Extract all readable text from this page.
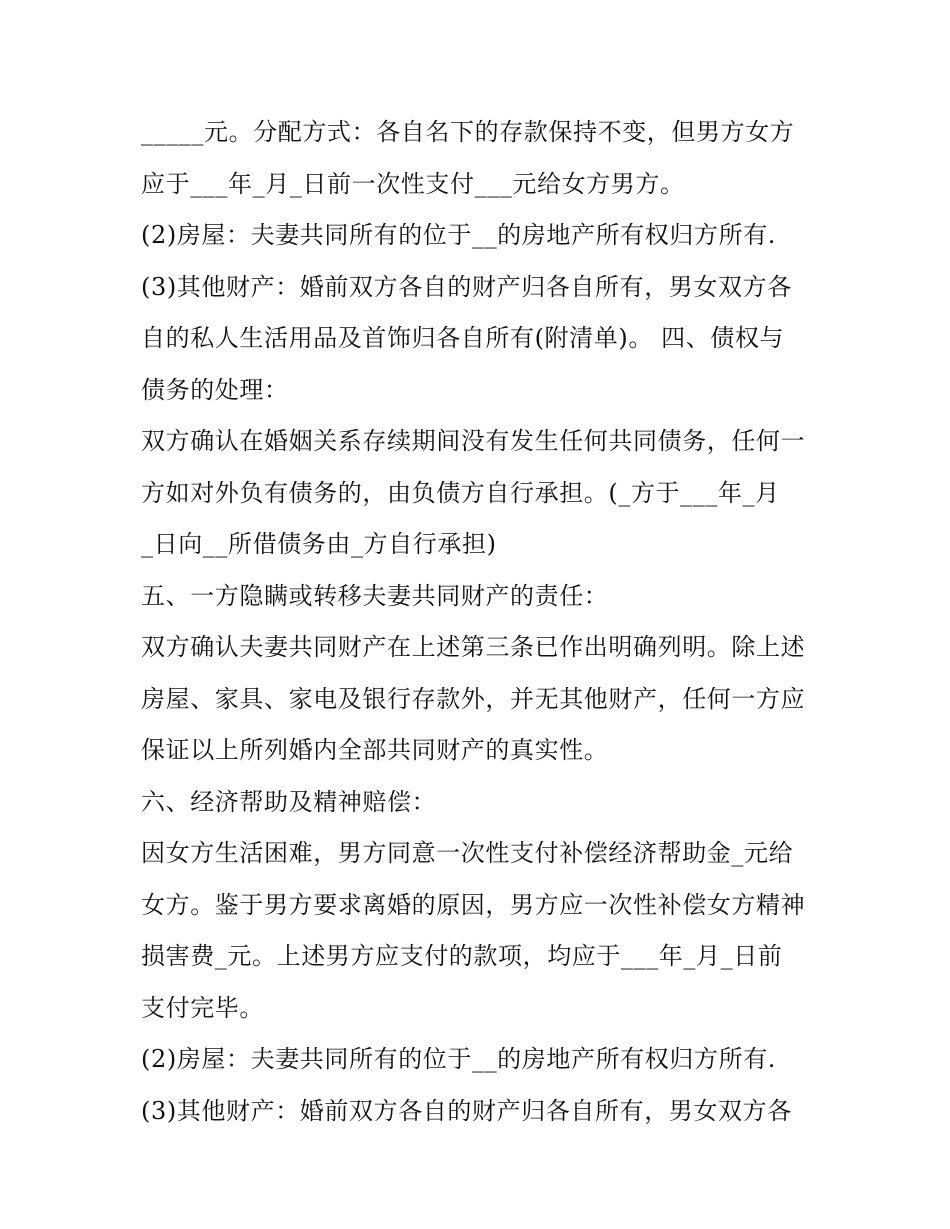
_____元。分配方式：各自名下的存款保持不变，但男方女方
应于___年_月_日前一次性支付___元给女方男方。
(2)房屋：夫妻共同所有的位于__的房地产所有权归方所有.
(3)其他财产：婚前双方各自的财产归各自所有，男女双方各
自的私人生活用品及首饰归各自所有(附清单)。 四、债权与
债务的处理：
双方确认在婚姻关系存续期间没有发生任何共同债务，任何一
方如对外负有债务的，由负债方自行承担。(_方于___年_月
_日向__所借债务由_方自行承担)
五、一方隐瞒或转移夫妻共同财产的责任：
双方确认夫妻共同财产在上述第三条已作出明确列明。除上述
房屋、家具、家电及银行存款外，并无其他财产，任何一方应
保证以上所列婚内全部共同财产的真实性。
六、经济帮助及精神赔偿：
因女方生活困难，男方同意一次性支付补偿经济帮助金_元给
女方。鉴于男方要求离婚的原因，男方应一次性补偿女方精神
损害费_元。上述男方应支付的款项，均应于___年_月_日前
支付完毕。
(2)房屋：夫妻共同所有的位于__的房地产所有权归方所有.
(3)其他财产：婚前双方各自的财产归各自所有，男女双方各
